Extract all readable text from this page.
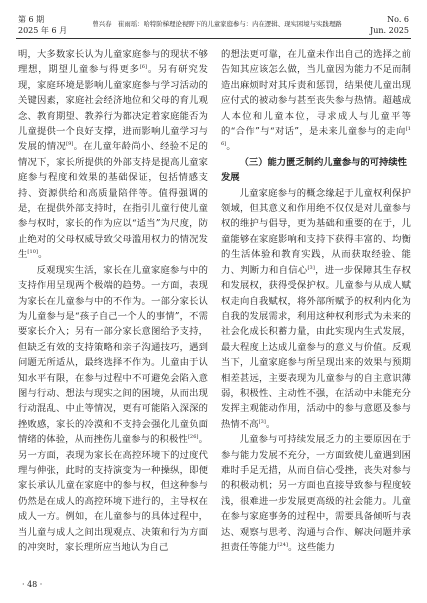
第 6 期
2025 年 6 月
曾兴春　崔雨瑶：哈特阶梯理论视野下的儿童家庭参与：内在逻辑、现实困境与实践理路	No. 6
Jun. 2025

明，大多数家长认为儿童家庭参与的现状不够理想，期望儿童参与得更多[6]。另有研究发现，家庭环境是影响儿童家庭参与学习活动的关键因素，家庭社会经济地位和父母的育儿观念、教育期望、教养行为都决定着家庭能否为儿童提供一个良好支撑，进而影响儿童学习与发展的情况[9]。在儿童年龄尚小、经验不足的情况下，家长所提供的外部支持是提高儿童家庭参与程度和效果的基础保证，包括情感支持、资源供给和高质量陪伴等。值得强调的是，在提供外部支持时，在指引儿童行使儿童参与权时，家长的作为应以“适当”为尺度，防止绝对的父母权威导致父母滥用权力的情况发生[10]。

反观现实生活，家长在儿童家庭参与中的支持作用呈现两个极端的趋势。一方面，表现为家长在儿童参与中的不作为。一部分家长认为儿童参与是“孩子自己一个人的事情”，不需要家长介入；另有一部分家长意图给予支持，但缺乏有效的支持策略和亲子沟通技巧，遇到问题无所适从，最终选择不作为。儿童由于认知水平有限，在参与过程中不可避免会陷入意图与行动、想法与现实之间的困境，从而出现行动混乱、中止等情况，更有可能陷入深深的挫败感，家长的冷漠和不支持会强化儿童负面情绪的体验，从而挫伤儿童参与的积极性[26]。另一方面，表现为家长在高控环境下的过度代理与伸张，此时的支持演变为一种操纵，即便家长承认儿童在家庭中的参与权，但这种参与仍然是在成人的高控环境下进行的，主导权在成人一方。例如，在儿童参与的具体过程中，当儿童与成人之间出现观点、决策和行为方面的冲突时，家长理所应当地认为自己

的想法更可靠，在儿童未作出自己的选择之前告知其应该怎么做，当儿童因为能力不足而制造出麻烦时对其斥责和惩罚，结果使儿童出现应付式的被动参与甚至丧失参与热情。超越成人本位和儿童本位，寻求成人与儿童平等的“合作”与“对话”，是未来儿童参与的走向[16]。

（三）能力匮乏制约儿童参与的可持续性发展

儿童家庭参与的概念缘起于儿童权利保护领域，但其意义和作用绝不仅仅是对儿童参与权的维护与倡导，更为基础和重要的在于，儿童能够在家庭影响和支持下获得丰富的、均衡的生活体验和教育实践，从而获取经验、能力、判断力和自信心[3]，进一步保障其生存权和发展权，获得受保护权。儿童参与从成人赋权走向自我赋权，将外部所赋予的权利内化为自我的发展需求，利用这种权利形式为未来的社会化成长积蓄力量，由此实现内生式发展，最大程度上达成儿童参与的意义与价值。反观当下，儿童家庭参与所呈现出来的效果与预期相差甚远，主要表现为儿童参与的自主意识薄弱，积极性、主动性不强，在活动中未能充分发挥主观能动作用，活动中的参与意愿及参与热情不高[3]。

儿童参与可持续发展乏力的主要原因在于参与能力发展不充分，一方面致使儿童遇到困难时手足无措，从而自信心受挫，丧失对参与的积极动机；另一方面也直接导致参与程度较浅，很难进一步发展更高级的社会能力。儿童在参与家庭事务的过程中，需要具备倾听与表达、观察与思考、沟通与合作、解决问题并承担责任等能力[24]。这些能力

· 48 ·
